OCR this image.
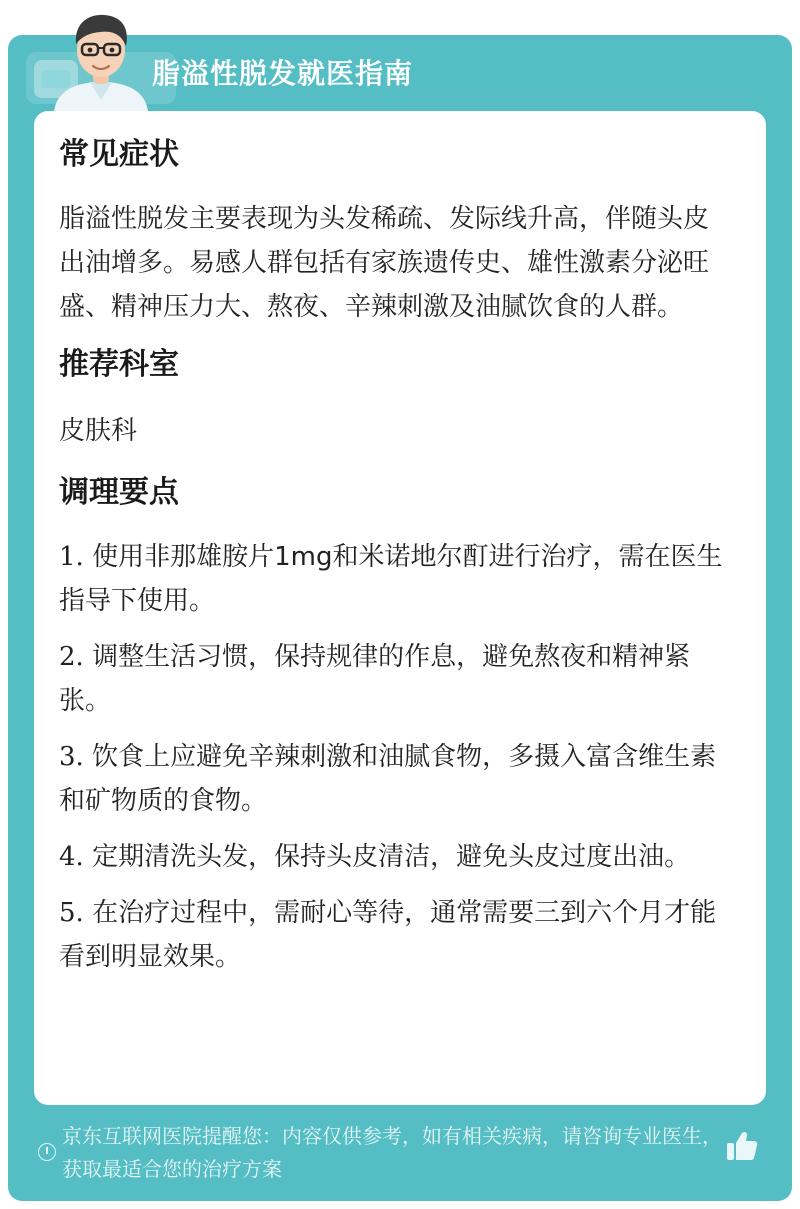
脂溢性脱发就医指南
常见症状

脂溢性脱发主要表现为头发稀疏、发际线升高，伴随头皮出油增多。易感人群包括有家族遗传史、雄性激素分泌旺盛、精神压力大、熬夜、辛辣刺激及油腻饮食的人群。

推荐科室

皮肤科

调理要点
1. 使用非那雄胺片1mg和米诺地尔酊进行治疗，需在医生指导下使用。
2. 调整生活习惯，保持规律的作息，避免熬夜和精神紧张。
3. 饮食上应避免辛辣刺激和油腻食物，多摄入富含维生素和矿物质的食物。
4. 定期清洗头发，保持头皮清洁，避免头皮过度出油。
5. 在治疗过程中，需耐心等待，通常需要三到六个月才能看到明显效果。

京东互联网医院提醒您：内容仅供参考，如有相关疾病，请咨询专业医生，获取最适合您的治疗方案
